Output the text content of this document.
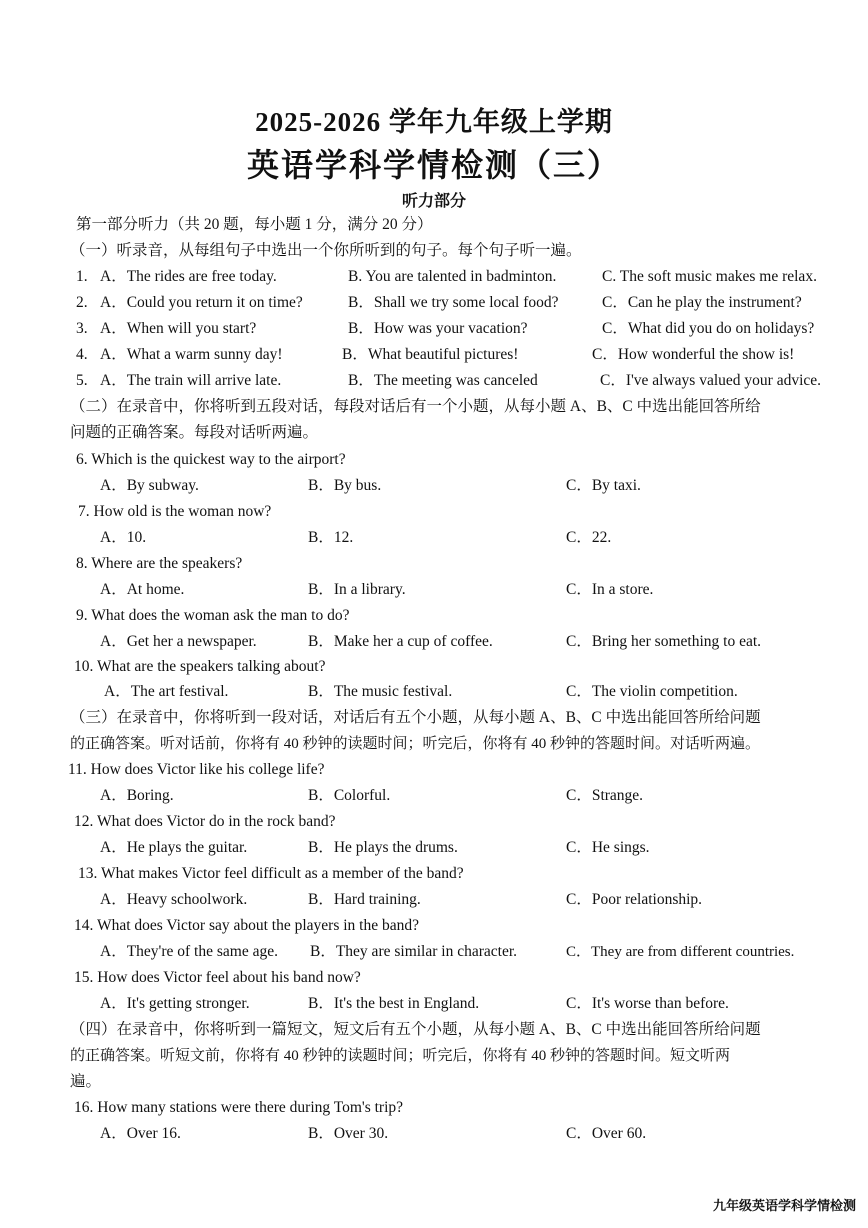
2025-2026 学年九年级上学期
英语学科学情检测（三）
听力部分
第一部分听力（共 20 题，每小题 1 分，满分 20 分）
（一）听录音，从每组句子中选出一个你所听到的句子。每个句子听一遍。
1. A．The rides are free today.	B. You are talented in badminton.	C. The soft music makes me relax.
2. A．Could you return it on time?	B．Shall we try some local food?	C．Can he play the instrument?
3. A．When will you start?	B．How was your vacation?	C．What did you do on holidays?
4. A．What a warm sunny day!	B．What beautiful pictures!	C．How wonderful the show is!
5. A．The train will arrive late.	B．The meeting was canceled	C．I've always valued your advice.
（二）在录音中，你将听到五段对话，每段对话后有一个小题，从每小题 A、B、C 中选出能回答所给
问题的正确答案。每段对话听两遍。
6. Which is the quickest way to the airport?
A．By subway.	B．By bus.	C．By taxi.
7. How old is the woman now?
A．10.	B．12.	C．22.
8. Where are the speakers?
A．At home.	B．In a library.	C．In a store.
9. What does the woman ask the man to do?
A．Get her a newspaper.	B．Make her a cup of coffee.	C．Bring her something to eat.
10. What are the speakers talking about?
A．The art festival.	B．The music festival.	C．The violin competition.
（三）在录音中，你将听到一段对话，对话后有五个小题，从每小题 A、B、C 中选出能回答所给问题
的正确答案。听对话前，你将有 40 秒钟的读题时间；听完后，你将有 40 秒钟的答题时间。对话听两遍。
11. How does Victor like his college life?
A．Boring.	B．Colorful.	C．Strange.
12. What does Victor do in the rock band?
A．He plays the guitar.	B．He plays the drums.	C．He sings.
13. What makes Victor feel difficult as a member of the band?
A．Heavy schoolwork.	B．Hard training.	C．Poor relationship.
14. What does Victor say about the players in the band?
A．They're of the same age. B．They are similar in character.	C．They are from different countries.
15. How does Victor feel about his band now?
A．It's getting stronger.	B．It's the best in England.	C．It's worse than before.
（四）在录音中，你将听到一篇短文，短文后有五个小题，从每小题 A、B、C 中选出能回答所给问题
的正确答案。听短文前，你将有 40 秒钟的读题时间；听完后，你将有 40 秒钟的答题时间。短文听两
遍。
16. How many stations were there during Tom's trip?
A．Over 16.	B．Over 30.	C．Over 60.
九年级英语学科学情检测
